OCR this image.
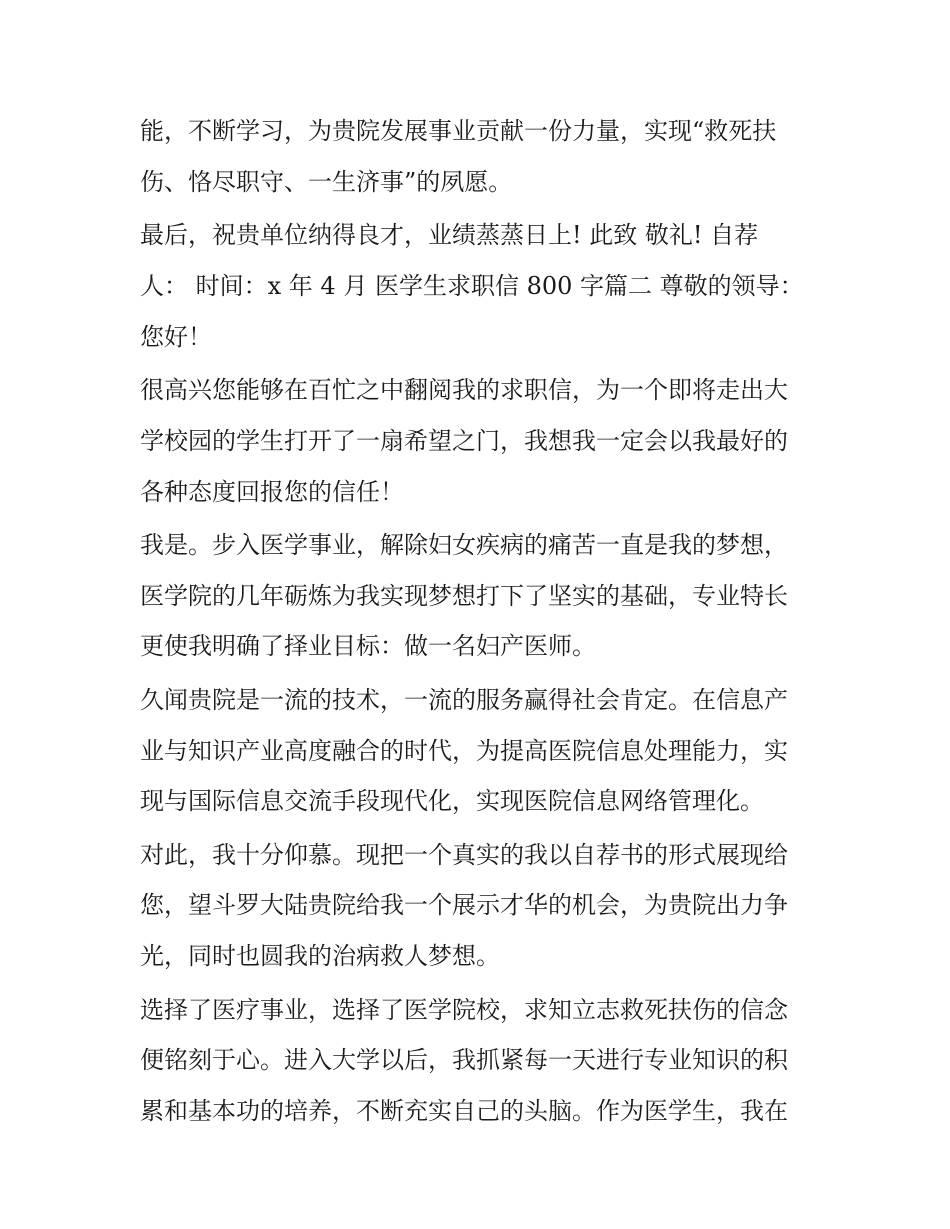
能，不断学习，为贵院发展事业贡献一份力量，实现“救死扶

伤、恪尽职守、一生济事”的夙愿。

最后，祝贵单位纳得良才，业绩蒸蒸日上! 此致 敬礼! 自荐

人： 时间：x 年 4 月 医学生求职信 800 字篇二 尊敬的领导：

您好！

很高兴您能够在百忙之中翻阅我的求职信，为一个即将走出大

学校园的学生打开了一扇希望之门，我想我一定会以我最好的

各种态度回报您的信任！

我是。步入医学事业，解除妇女疾病的痛苦一直是我的梦想，

医学院的几年砺炼为我实现梦想打下了坚实的基础，专业特长

更使我明确了择业目标：做一名妇产医师。

久闻贵院是一流的技术，一流的服务赢得社会肯定。在信息产

业与知识产业高度融合的时代，为提高医院信息处理能力，实

现与国际信息交流手段现代化，实现医院信息网络管理化。

对此，我十分仰慕。现把一个真实的我以自荐书的形式展现给

您，望斗罗大陆贵院给我一个展示才华的机会，为贵院出力争

光，同时也圆我的治病救人梦想。

选择了医疗事业，选择了医学院校，求知立志救死扶伤的信念

便铭刻于心。进入大学以后，我抓紧每一天进行专业知识的积

累和基本功的培养，不断充实自己的头脑。作为医学生，我在
